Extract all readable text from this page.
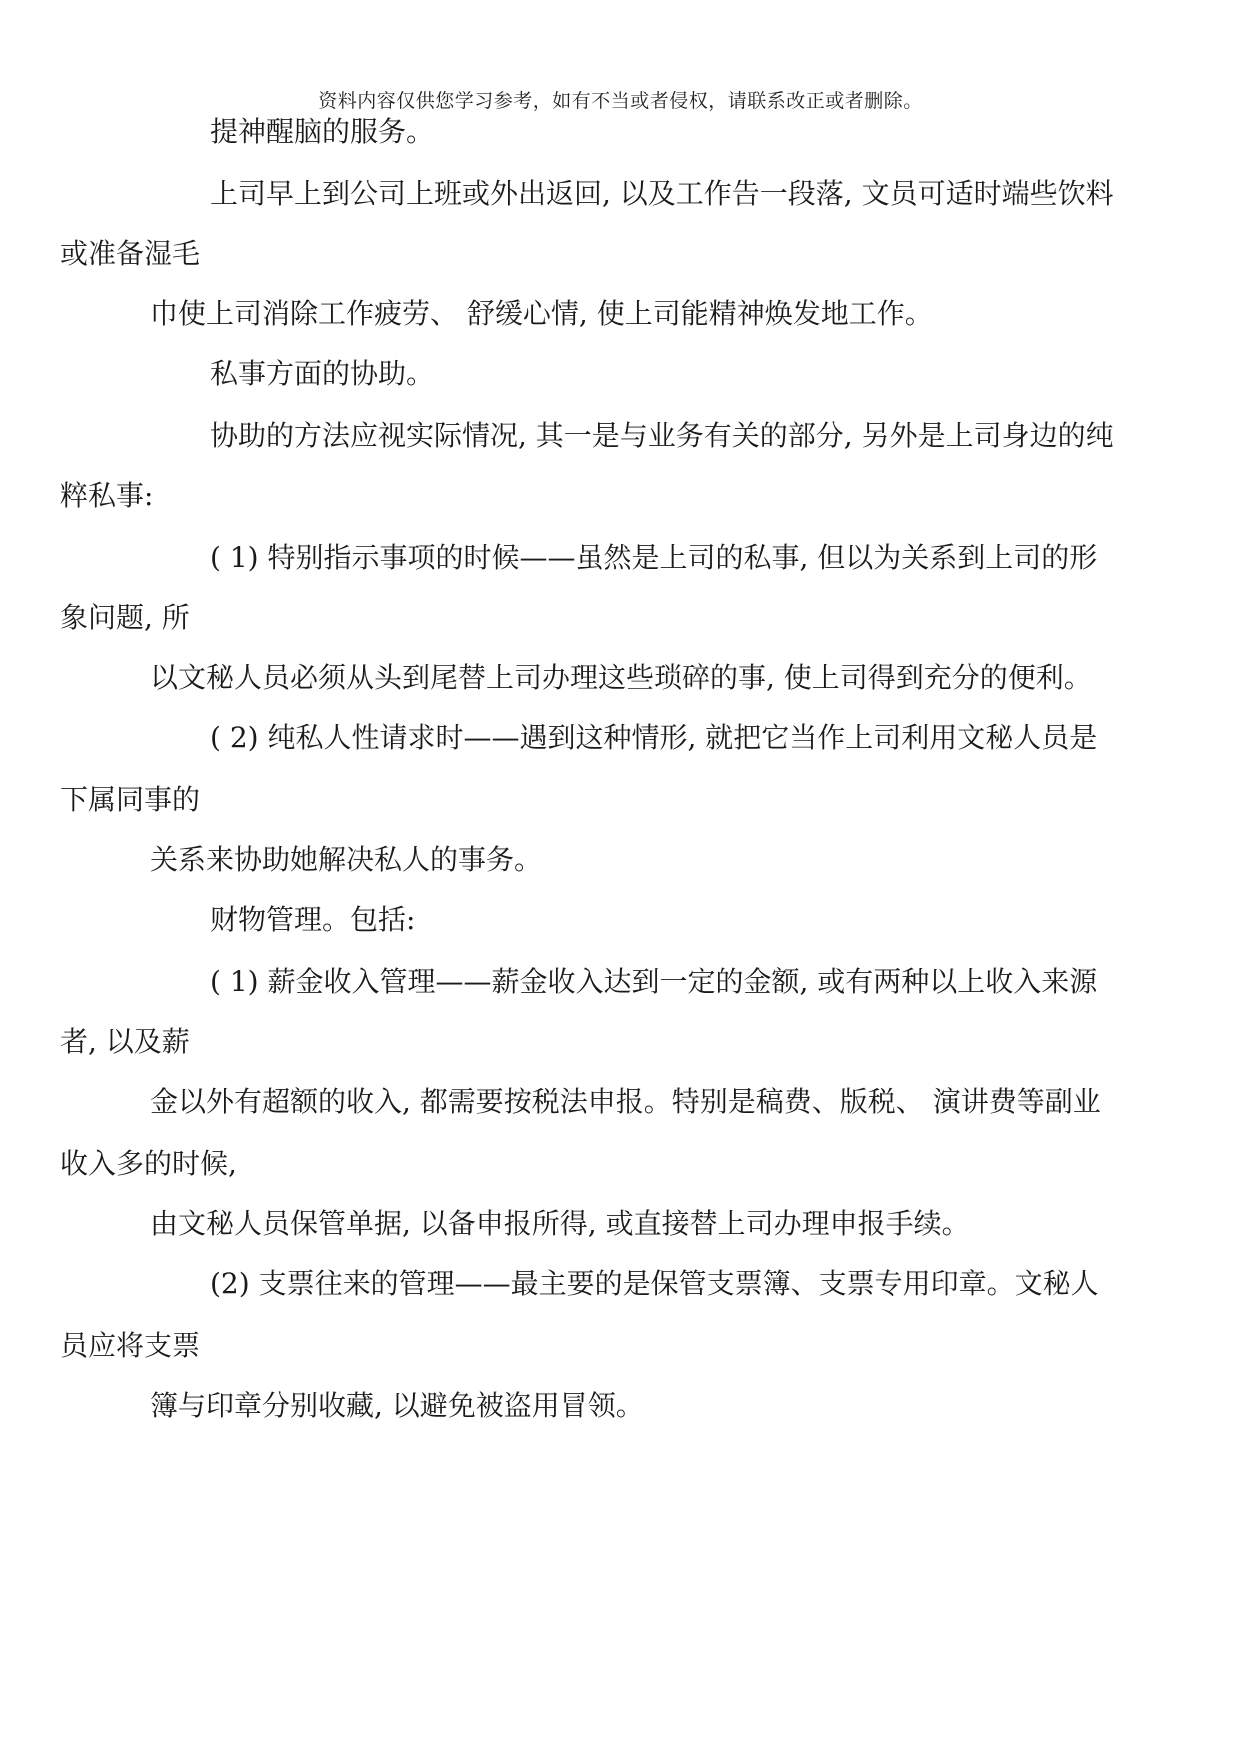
资料内容仅供您学习参考，如有不当或者侵权，请联系改正或者删除。
提神醒脑的服务。
上司早上到公司上班或外出返回, 以及工作告一段落, 文员可适时端些饮料
或准备湿毛
巾使上司消除工作疲劳、 舒缓心情, 使上司能精神焕发地工作。
私事方面的协助。
协助的方法应视实际情况, 其一是与业务有关的部分, 另外是上司身边的纯
粹私事:
( 1) 特别指示事项的时候——虽然是上司的私事, 但以为关系到上司的形
象问题, 所
以文秘人员必须从头到尾替上司办理这些琐碎的事, 使上司得到充分的便利。
( 2) 纯私人性请求时——遇到这种情形, 就把它当作上司利用文秘人员是
下属同事的
关系来协助她解决私人的事务。
财物管理。包括:
( 1) 薪金收入管理——薪金收入达到一定的金额, 或有两种以上收入来源
者, 以及薪
金以外有超额的收入, 都需要按税法申报。特别是稿费、版税、 演讲费等副业
收入多的时候,
由文秘人员保管单据, 以备申报所得, 或直接替上司办理申报手续。
(2) 支票往来的管理——最主要的是保管支票簿、支票专用印章。文秘人
员应将支票
簿与印章分别收藏, 以避免被盗用冒领。
